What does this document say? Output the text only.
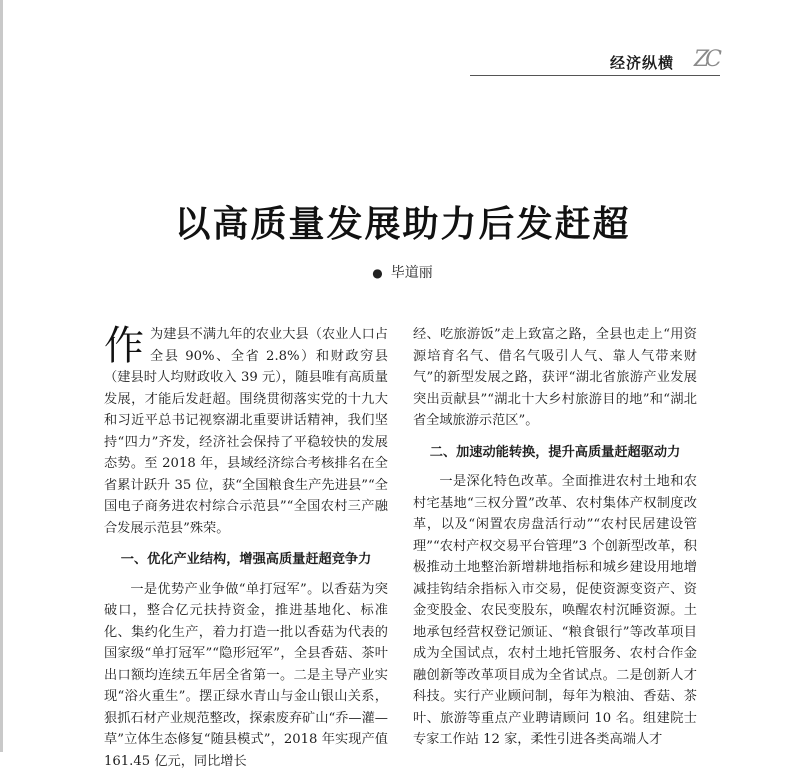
经济纵横 ZC
以高质量发展助力后发赶超
● 毕道丽

作为建县不满九年的农业大县（农业人口占全县 90%、全省 2.8%）和财政穷县（建县时人均财政收入 39 元），随县唯有高质量发展，才能后发赶超。围绕贯彻落实党的十九大和习近平总书记视察湖北重要讲话精神，我们坚持“四力”齐发，经济社会保持了平稳较快的发展态势。至 2018 年，县域经济综合考核排名在全省累计跃升 35 位，获“全国粮食生产先进县”“全国电子商务进农村综合示范县”“全国农村三产融合发展示范县”殊荣。

一、优化产业结构，增强高质量赶超竞争力

一是优势产业争做“单打冠军”。以香菇为突破口，整合亿元扶持资金，推进基地化、标准化、集约化生产，着力打造一批以香菇为代表的国家级“单打冠军”“隐形冠军”，全县香菇、茶叶出口额均连续五年居全省第一。二是主导产业实现“浴火重生”。摆正绿水青山与金山银山关系，狠抓石材产业规范整改，探索废弃矿山“乔—灌—草”立体生态修复“随县模式”，2018 年实现产值 161.45 亿元，同比增长

经、吃旅游饭”走上致富之路，全县也走上“用资源培育名气、借名气吸引人气、靠人气带来财气”的新型发展之路，获评“湖北省旅游产业发展突出贡献县”“湖北十大乡村旅游目的地”和“湖北省全域旅游示范区”。

二、加速动能转换，提升高质量赶超驱动力

一是深化特色改革。全面推进农村土地和农村宅基地“三权分置”改革、农村集体产权制度改革，以及“闲置农房盘活行动”“农村民居建设管理”“农村产权交易平台管理”3 个创新型改革，积极推动土地整治新增耕地指标和城乡建设用地增减挂钩结余指标入市交易，促使资源变资产、资金变股金、农民变股东，唤醒农村沉睡资源。土地承包经营权登记颁证、“粮食银行”等改革项目成为全国试点，农村土地托管服务、农村合作金融创新等改革项目成为全省试点。二是创新人才科技。实行产业顾问制，每年为粮油、香菇、茶叶、旅游等重点产业聘请顾问 10 名。组建院士专家工作站 12 家，柔性引进各类高端人才
